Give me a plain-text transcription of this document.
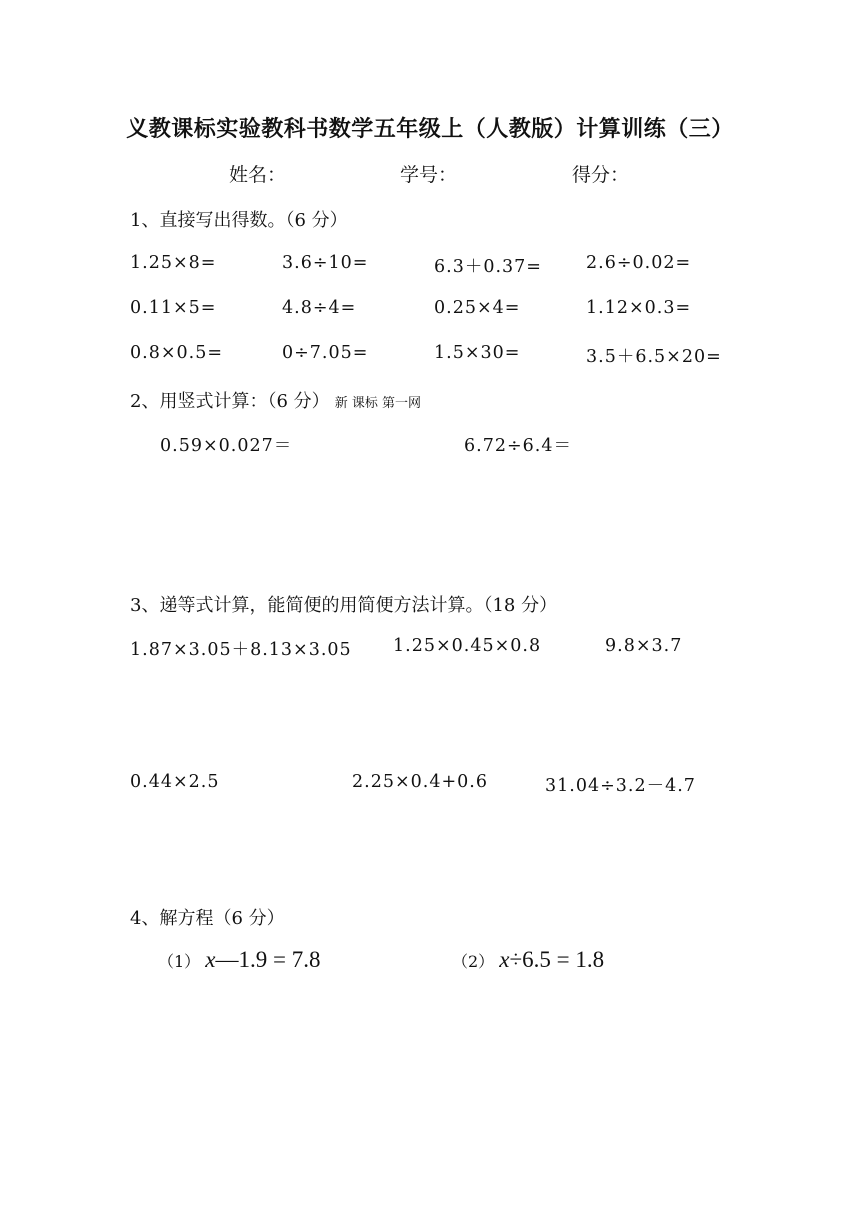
义教课标实验教科书数学五年级上（人教版）计算训练（三）
姓名：	学号：	得分：
1、直接写出得数。（6 分）
1.25×8=	3.6÷10=	6.3＋0.37=	2.6÷0.02=
0.11×5=	4.8÷4=	0.25×4=	1.12×0.3=
0.8×0.5=	0÷7.05=	1.5×30=	3.5＋6.5×20=
2、用竖式计算：（6 分） 新 课标 第一网
0.59×0.027＝	6.72÷6.4＝
3、递等式计算，能简便的用简便方法计算。（18 分）
1.87×3.05＋8.13×3.05 1.25×0.45×0.8	9.8×3.7
0.44×2.5	2.25×0.4+0.6	31.04÷3.2－4.7
4、解方程（6 分）
（1） x—1.9 = 7.8	（2） x÷6.5 = 1.8
